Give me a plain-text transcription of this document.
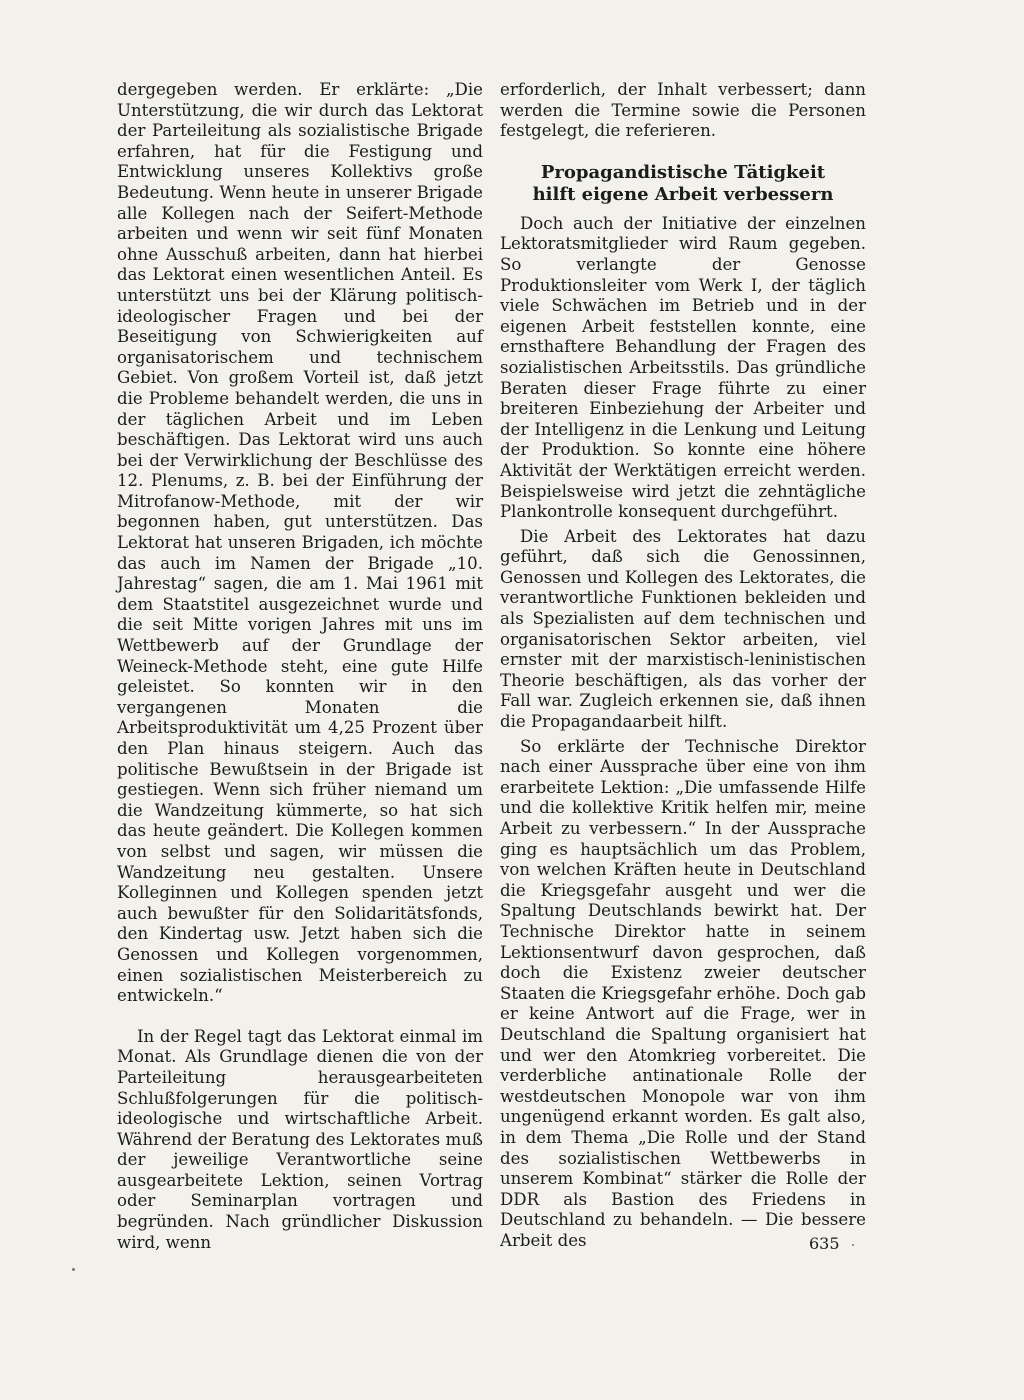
dergegeben werden. Er erklärte: „Die Unterstützung, die wir durch das Lektorat der Parteileitung als sozialistische Brigade erfahren, hat für die Festigung und Entwicklung unseres Kollektivs große Bedeutung. Wenn heute in unserer Brigade alle Kollegen nach der Seifert-Methode arbeiten und wenn wir seit fünf Monaten ohne Ausschuß arbeiten, dann hat hierbei das Lektorat einen wesentlichen Anteil. Es unterstützt uns bei der Klärung politisch-ideologischer Fragen und bei der Beseitigung von Schwierigkeiten auf organisatorischem und technischem Gebiet. Von großem Vorteil ist, daß jetzt die Probleme behandelt werden, die uns in der täglichen Arbeit und im Leben beschäftigen. Das Lektorat wird uns auch bei der Verwirklichung der Beschlüsse des 12. Plenums, z. B. bei der Einführung der Mitrofanow-Methode, mit der wir begonnen haben, gut unterstützen. Das Lektorat hat unseren Brigaden, ich möchte das auch im Namen der Brigade „10. Jahrestag“ sagen, die am 1. Mai 1961 mit dem Staatstitel ausgezeichnet wurde und die seit Mitte vorigen Jahres mit uns im Wettbewerb auf der Grundlage der Weineck-Methode steht, eine gute Hilfe geleistet. So konnten wir in den vergangenen Monaten die Arbeitsproduktivität um 4,25 Prozent über den Plan hinaus steigern. Auch das politische Bewußtsein in der Brigade ist gestiegen. Wenn sich früher niemand um die Wandzeitung kümmerte, so hat sich das heute geändert. Die Kollegen kommen von selbst und sagen, wir müssen die Wandzeitung neu gestalten. Unsere Kolleginnen und Kollegen spenden jetzt auch bewußter für den Solidaritätsfonds, den Kindertag usw. Jetzt haben sich die Genossen und Kollegen vorgenommen, einen sozialistischen Meisterbereich zu entwickeln.“

In der Regel tagt das Lektorat einmal im Monat. Als Grundlage dienen die von der Parteileitung herausgearbeiteten Schlußfolgerungen für die politisch-ideologische und wirtschaftliche Arbeit. Während der Beratung des Lektorates muß der jeweilige Verantwortliche seine ausgearbeitete Lektion, seinen Vortrag oder Seminarplan vortragen und begründen. Nach gründlicher Diskussion wird, wenn

erforderlich, der Inhalt verbessert; dann werden die Termine sowie die Personen festgelegt, die referieren.

Propagandistische Tätigkeit
hilft eigene Arbeit verbessern

Doch auch der Initiative der einzelnen Lektoratsmitglieder wird Raum gegeben. So verlangte der Genosse Produktionsleiter vom Werk I, der täglich viele Schwächen im Betrieb und in der eigenen Arbeit feststellen konnte, eine ernsthaftere Behandlung der Fragen des sozialistischen Arbeitsstils. Das gründliche Beraten dieser Frage führte zu einer breiteren Einbeziehung der Arbeiter und der Intelligenz in die Lenkung und Leitung der Produktion. So konnte eine höhere Aktivität der Werktätigen erreicht werden. Beispielsweise wird jetzt die zehntägliche Plankontrolle konsequent durchgeführt.

Die Arbeit des Lektorates hat dazu geführt, daß sich die Genossinnen, Genossen und Kollegen des Lektorates, die verantwortliche Funktionen bekleiden und als Spezialisten auf dem technischen und organisatorischen Sektor arbeiten, viel ernster mit der marxistisch-leninistischen Theorie beschäftigen, als das vorher der Fall war. Zugleich erkennen sie, daß ihnen die Propagandaarbeit hilft.

So erklärte der Technische Direktor nach einer Aussprache über eine von ihm erarbeitete Lektion: „Die umfassende Hilfe und die kollektive Kritik helfen mir, meine Arbeit zu verbessern.“ In der Aussprache ging es hauptsächlich um das Problem, von welchen Kräften heute in Deutschland die Kriegsgefahr ausgeht und wer die Spaltung Deutschlands bewirkt hat. Der Technische Direktor hatte in seinem Lektionsentwurf davon gesprochen, daß doch die Existenz zweier deutscher Staaten die Kriegsgefahr erhöhe. Doch gab er keine Antwort auf die Frage, wer in Deutschland die Spaltung organisiert hat und wer den Atomkrieg vorbereitet. Die verderbliche antinationale Rolle der westdeutschen Monopole war von ihm ungenügend erkannt worden. Es galt also, in dem Thema „Die Rolle und der Stand des sozialistischen Wettbewerbs in unserem Kombinat“ stärker die Rolle der DDR als Bastion des Friedens in Deutschland zu behandeln. — Die bessere Arbeit des	635
